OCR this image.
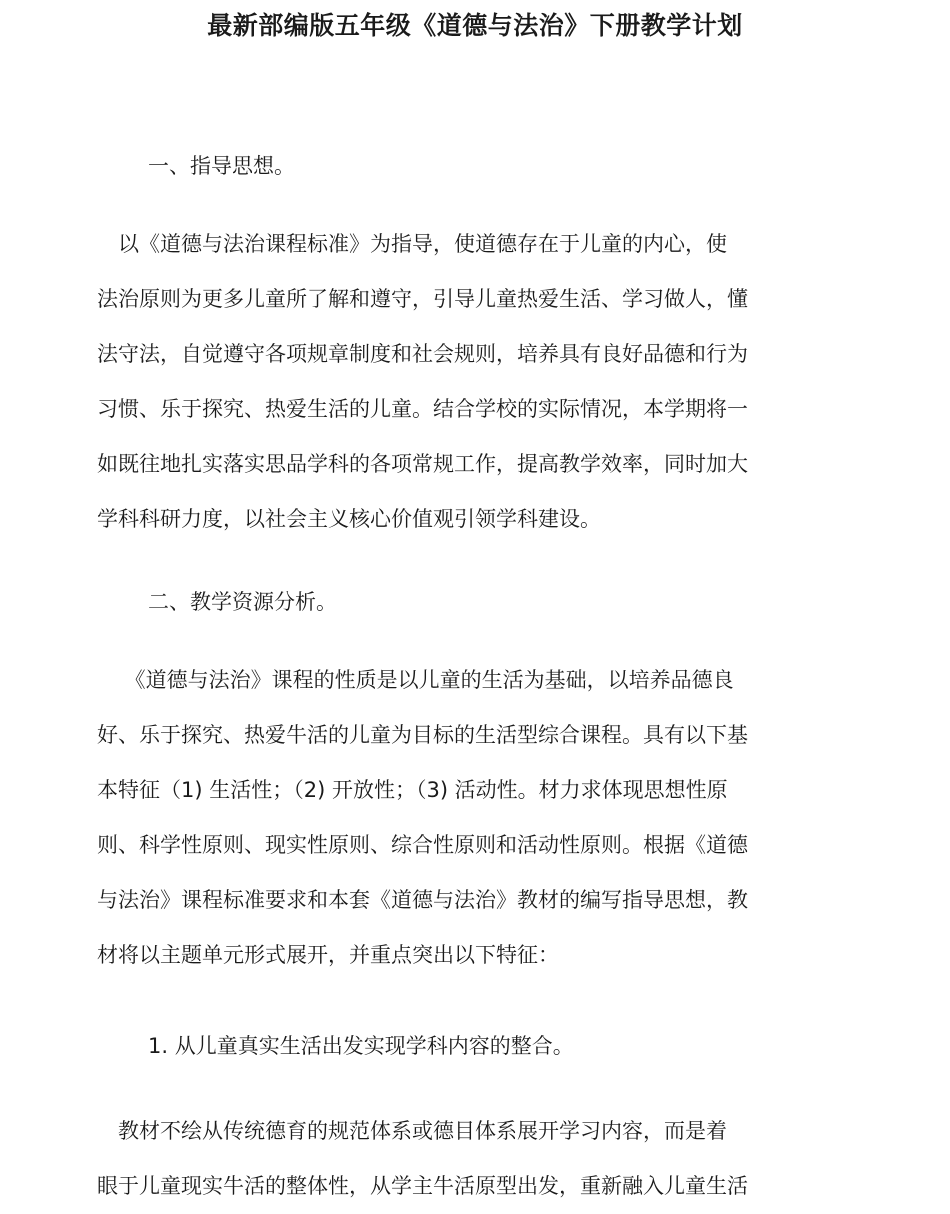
最新部编版五年级《道德与法治》下册教学计划
一、指导思想。
　以《道德与法治课程标准》为指导，使道德存在于儿童的内心，使
法治原则为更多儿童所了解和遵守，引导儿童热爱生活、学习做人，懂
法守法，自觉遵守各项规章制度和社会规则，培养具有良好品德和行为
习惯、乐于探究、热爱生活的儿童。结合学校的实际情况，本学期将一
如既往地扎实落实思品学科的各项常规工作，提高教学效率，同时加大
学科科研力度，以社会主义核心价值观引领学科建设。
二、教学资源分析。
　 《道德与法治》课程的性质是以儿童的生活为基础，以培养品德良
好、乐于探究、热爱牛活的儿童为目标的生活型综合课程。具有以下基
本特征（1) 生活性；（2) 开放性；（3) 活动性。材力求体现思想性原
则、科学性原则、现实性原则、综合性原则和活动性原则。根据《道德
与法治》课程标准要求和本套《道德与法治》教材的编写指导思想，教
材将以主题单元形式展开，并重点突出以下特征：
1. 从儿童真实生活出发实现学科内容的整合。
　教材不绘从传统德育的规范体系或德目体系展开学习内容，而是着
眼于儿童现实牛活的整体性，从学主牛活原型出发，重新融入儿童生活
